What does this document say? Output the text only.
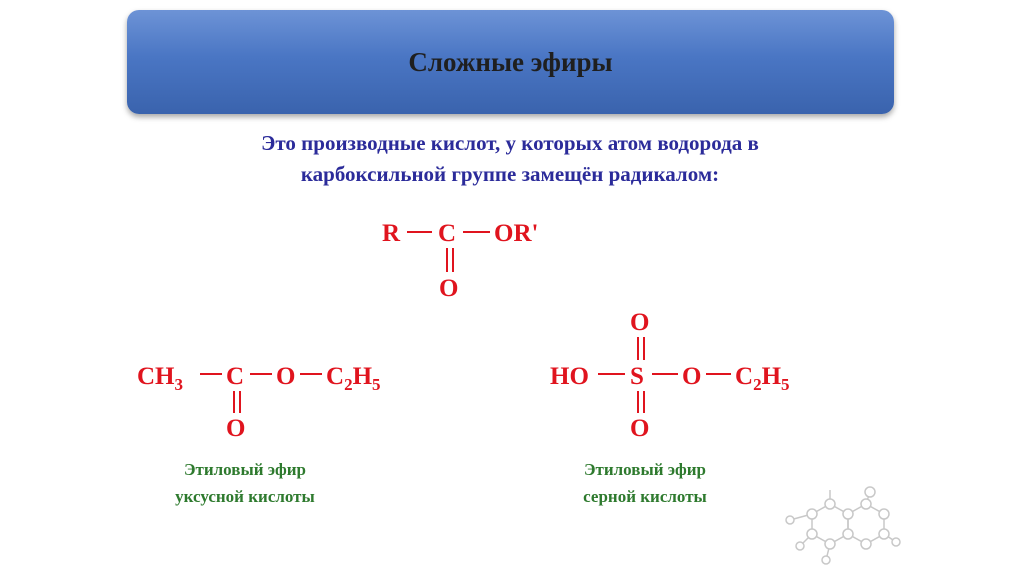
Сложные эфиры
Это производные кислот, у которых атом водорода в
карбоксильной группе замещён радикалом:
R C OR'
O
$CH_3$ C O $C_2H_5$
O
O
HO S O $C_2H_5$
O
Этиловый эфир
уксусной кислоты
Этиловый эфир
серной кислоты
